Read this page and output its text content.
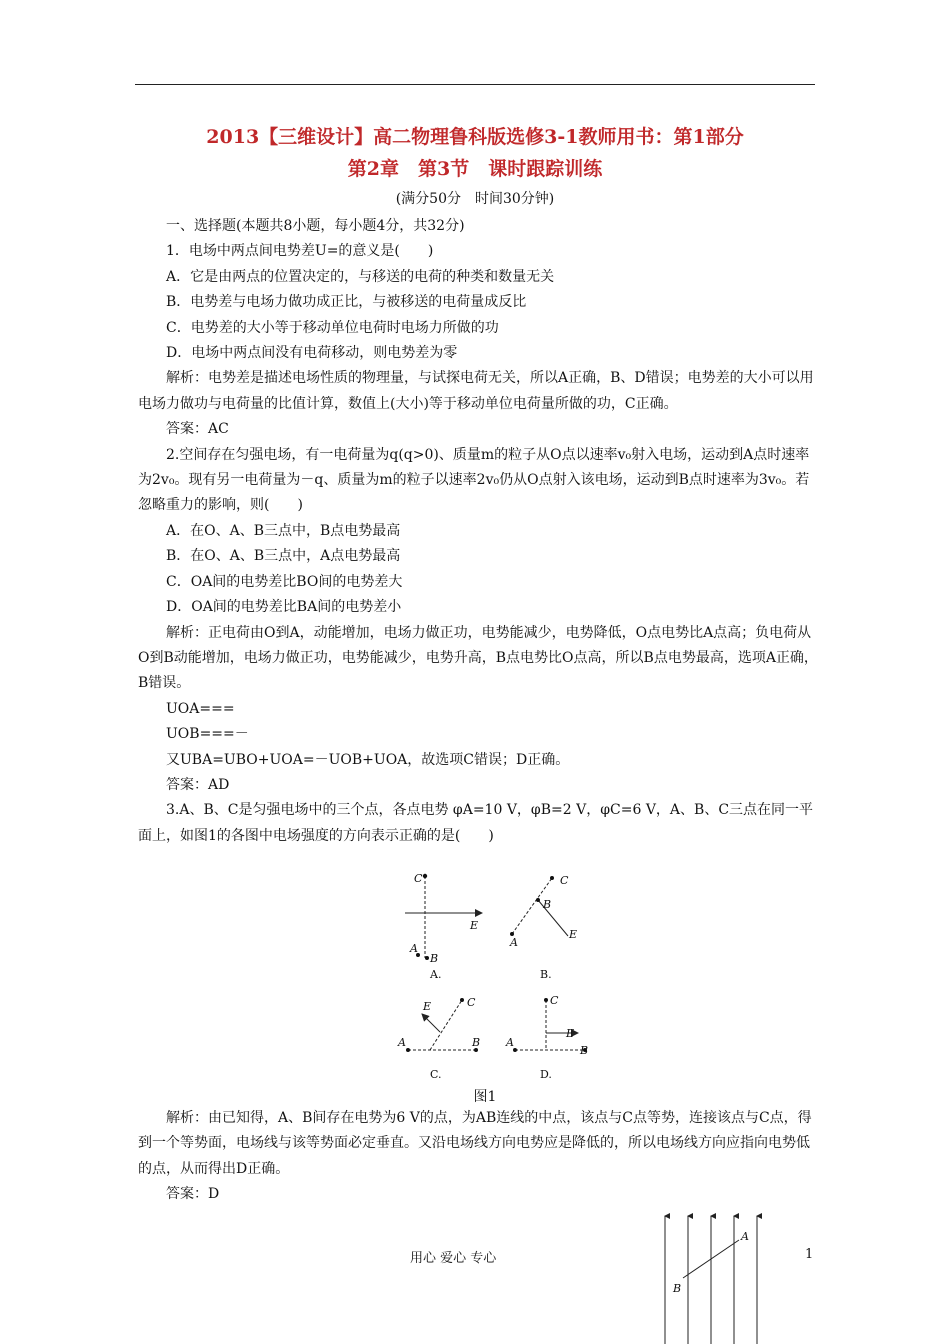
2013【三维设计】高二物理鲁科版选修3-1教师用书：第1部分
第2章　第3节　课时跟踪训练
(满分50分　时间30分钟)

一、选择题(本题共8小题，每小题4分，共32分)

1．电场中两点间电势差U=的意义是(　　)

A．它是由两点的位置决定的，与移送的电荷的种类和数量无关

B．电势差与电场力做功成正比，与被移送的电荷量成反比

C．电势差的大小等于移动单位电荷时电场力所做的功

D．电场中两点间没有电荷移动，则电势差为零

解析：电势差是描述电场性质的物理量，与试探电荷无关，所以A正确，B、D错误；电势差的大小可以用电场力做功与电荷量的比值计算，数值上(大小)等于移动单位电荷量所做的功，C正确。

答案：AC

2.空间存在匀强电场，有一电荷量为q(q>0)、质量m的粒子从O点以速率v₀射入电场，运动到A点时速率为2v₀。现有另一电荷量为－q、质量为m的粒子以速率2v₀仍从O点射入该电场，运动到B点时速率为3v₀。若忽略重力的影响，则(　　)

A．在O、A、B三点中，B点电势最高

B．在O、A、B三点中，A点电势最高

C．OA间的电势差比BO间的电势差大

D．OA间的电势差比BA间的电势差小

解析：正电荷由O到A，动能增加，电场力做正功，电势能减少，电势降低，O点电势比A点高；负电荷从O到B动能增加，电场力做正功，电势能减少，电势升高，B点电势比O点高，所以B点电势最高，选项A正确，B错误。

UOA===

UOB===－

又UBA=UBO+UOA=－UOB+UOA，故选项C错误；D正确。

答案：AD

3.A、B、C是匀强电场中的三个点，各点电势 φA=10 V，φB=2 V，φC=6 V，A、B、C三点在同一平面上，如图1的各图中电场强度的方向表示正确的是(　　)

C
A
B
E
C
B
A
E
E	C
A	B
C
A
E
B
A.	B.
C.	D.
图1

解析：由已知得，A、B间存在电势为6 V的点，为AB连线的中点，该点与C点等势，连接该点与C点，得到一个等势面，电场线与该等势面必定垂直。又沿电场线方向电势应是降低的，所以电场线方向应指向电势低的点，从而得出D正确。

答案：D

A
B
用心 爱心 专心	1
